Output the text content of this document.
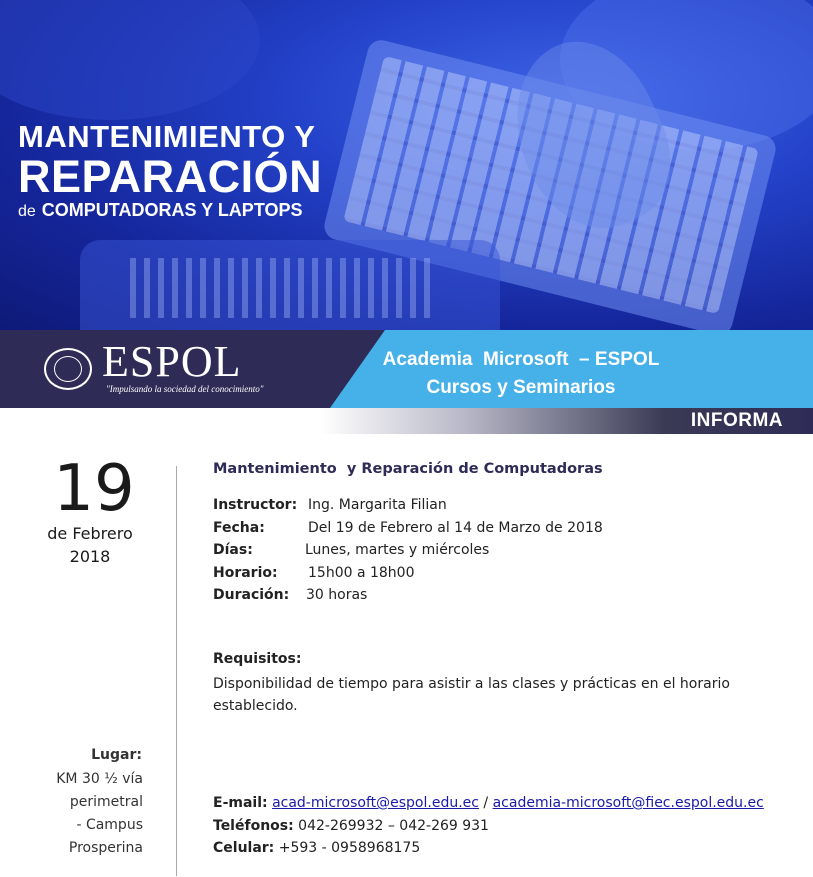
MANTENIMIENTO Y
REPARACIÓN
de COMPUTADORAS Y LAPTOPS
ESPOL
"Impulsando la sociedad del conocimiento"
Academia  Microsoft  – ESPOL
Cursos y Seminarios
INFORMA
19
de Febrero
2018
Lugar:
KM 30 ½ vía
perimetral
- Campus
Prosperina
Mantenimiento  y Reparación de Computadoras
Instructor: Ing. Margarita Filian
Fecha:	Del 19 de Febrero al 14 de Marzo de 2018
Días:	Lunes, martes y miércoles
Horario: 15h00 a 18h00
Duración: 30 horas
Requisitos:
Disponibilidad de tiempo para asistir a las clases y prácticas en el horario establecido.
E-mail: acad-microsoft@espol.edu.ec / academia-microsoft@fiec.espol.edu.ec
Teléfonos: 042-269932 – 042-269 931
Celular: +593 - 0958968175
